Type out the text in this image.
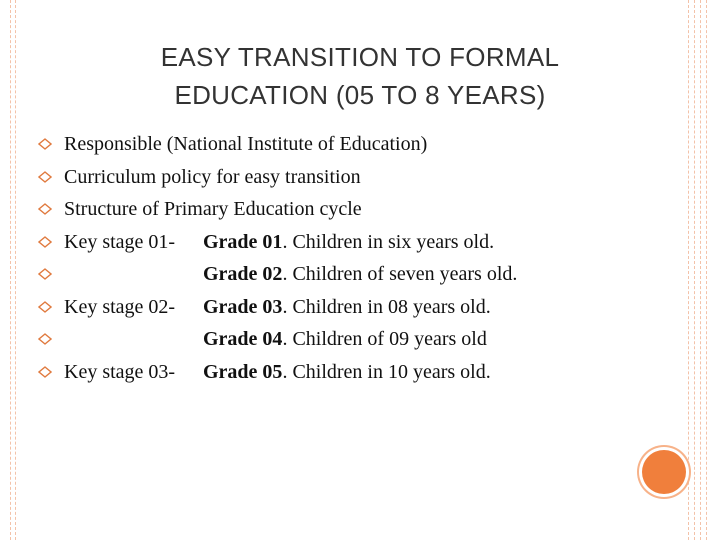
EASY TRANSITION TO FORMAL
EDUCATION (05 TO 8 YEARS)
Responsible (National Institute of Education)
Curriculum policy for easy transition
Structure of Primary Education cycle
Key stage 01- Grade 01. Children in six years old.
Grade 02. Children of seven years old.
Key stage 02- Grade 03. Children in 08 years old.
Grade 04. Children of 09 years old
Key stage 03- Grade 05. Children in 10 years old.
